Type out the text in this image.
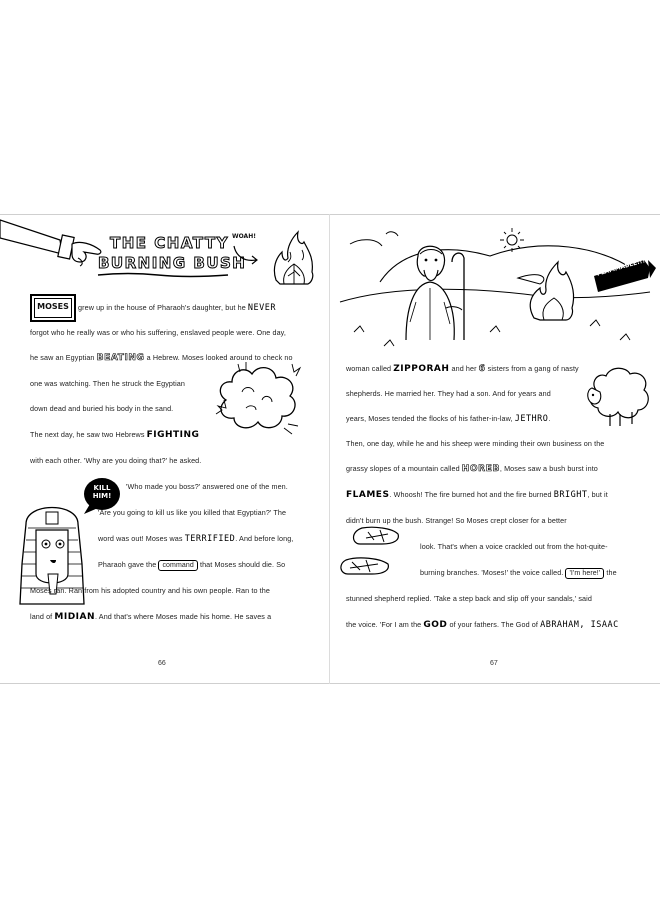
THE CHATTY
BURNING BUSH
WOAH!
MOSES
KILL HIM!
grew up in the house of Pharaoh's daughter, but he NEVER
forgot who he really was or who his suffering, enslaved people were. One day,
he saw an Egyptian BEATING a Hebrew. Moses looked around to check no
one was watching. Then he struck the Egyptian
down dead and buried his body in the sand.
The next day, he saw two Hebrews FIGHTING
with each other. 'Why are you doing that?' he asked.
'Who made you boss?' answered one of the men.
'Are you going to kill us like you killed that Egyptian?' The
word was out! Moses was TERRIFIED. And before long,
Pharaoh gave the command that Moses should die. So
Moses ran. Ran from his adopted country and his own people. Ran to the
land of MIDIAN. And that's where Moses made his home. He saves a
66
FLAMMABLE!!!
woman called ZIPPORAH and her 6 sisters from a gang of nasty
shepherds. He married her. They had a son. And for years and
years, Moses tended the flocks of his father-in-law, JETHRO.
Then, one day, while he and his sheep were minding their own business on the
grassy slopes of a mountain called HOREB, Moses saw a bush burst into
FLAMES. Whoosh! The fire burned hot and the fire burned BRIGHT, but it
didn't burn up the bush. Strange! So Moses crept closer for a better
look. That's when a voice crackled out from the hot-quite-
burning branches. 'Moses!' the voice called. 'I'm here!' the
stunned shepherd replied. 'Take a step back and slip off your sandals,' said
the voice. 'For I am the GOD of your fathers. The God of ABRAHAM, ISAAC
67
